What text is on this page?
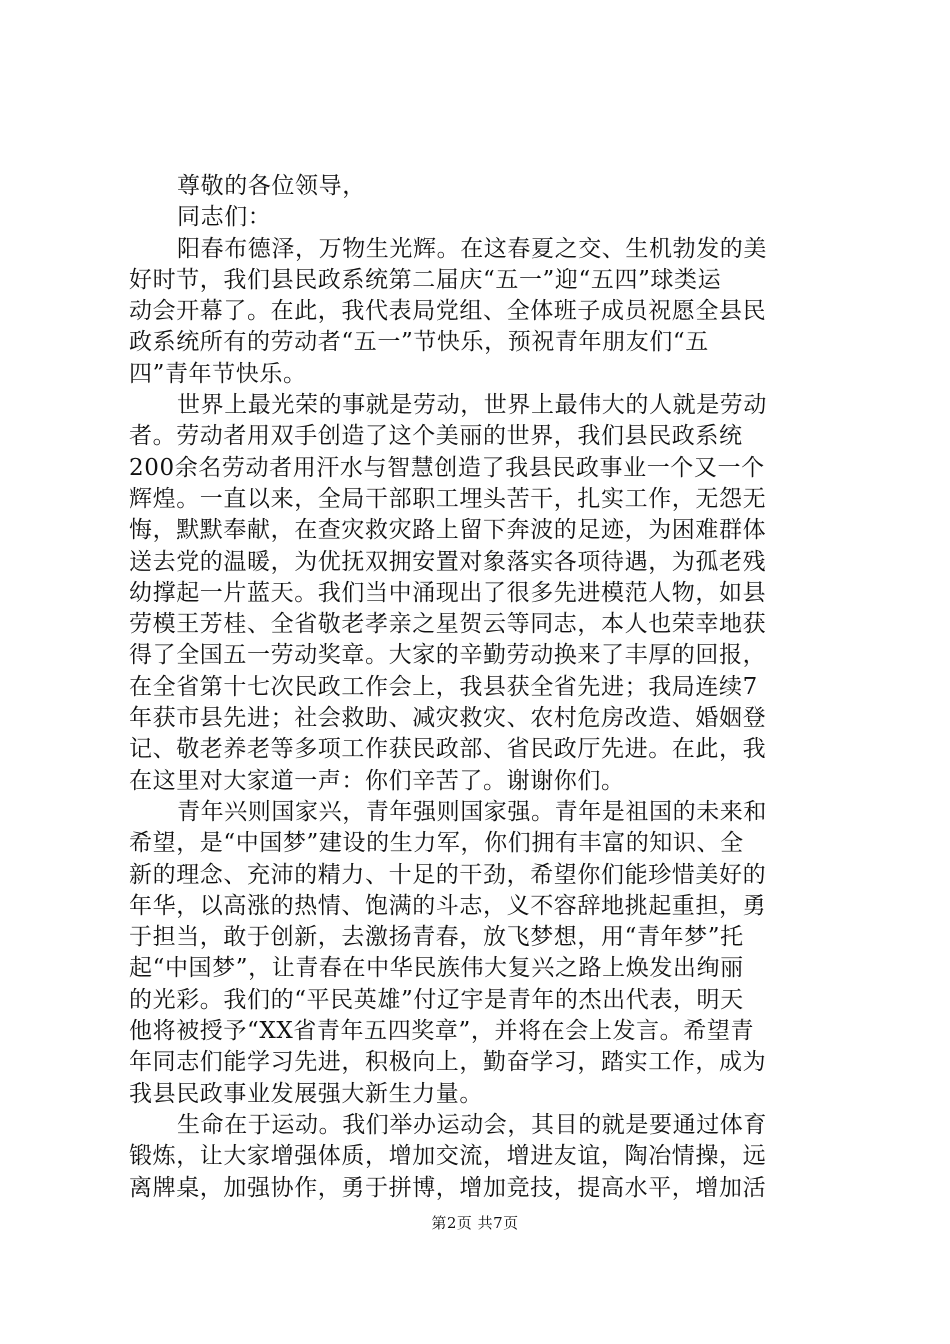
尊敬的各位领导，
同志们：
阳春布德泽，万物生光辉。在这春夏之交、生机勃发的美
好时节，我们县民政系统第二届庆“五一”迎“五四”球类运
动会开幕了。在此，我代表局党组、全体班子成员祝愿全县民
政系统所有的劳动者“五一”节快乐，预祝青年朋友们“五
四”青年节快乐。
世界上最光荣的事就是劳动，世界上最伟大的人就是劳动
者。劳动者用双手创造了这个美丽的世界，我们县民政系统
200余名劳动者用汗水与智慧创造了我县民政事业一个又一个
辉煌。一直以来，全局干部职工埋头苦干，扎实工作，无怨无
悔，默默奉献，在查灾救灾路上留下奔波的足迹，为困难群体
送去党的温暖，为优抚双拥安置对象落实各项待遇，为孤老残
幼撑起一片蓝天。我们当中涌现出了很多先进模范人物，如县
劳模王芳桂、全省敬老孝亲之星贺云等同志，本人也荣幸地获
得了全国五一劳动奖章。大家的辛勤劳动换来了丰厚的回报，
在全省第十七次民政工作会上，我县获全省先进；我局连续7
年获市县先进；社会救助、减灾救灾、农村危房改造、婚姻登
记、敬老养老等多项工作获民政部、省民政厅先进。在此，我
在这里对大家道一声：你们辛苦了。谢谢你们。
青年兴则国家兴，青年强则国家强。青年是祖国的未来和
希望，是“中国梦”建设的生力军，你们拥有丰富的知识、全
新的理念、充沛的精力、十足的干劲，希望你们能珍惜美好的
年华，以高涨的热情、饱满的斗志，义不容辞地挑起重担，勇
于担当，敢于创新，去激扬青春，放飞梦想，用“青年梦”托
起“中国梦”，让青春在中华民族伟大复兴之路上焕发出绚丽
的光彩。我们的“平民英雄”付辽宇是青年的杰出代表，明天
他将被授予“XX省青年五四奖章”，并将在会上发言。希望青
年同志们能学习先进，积极向上，勤奋学习，踏实工作，成为
我县民政事业发展强大新生力量。
生命在于运动。我们举办运动会，其目的就是要通过体育
锻炼，让大家增强体质，增加交流，增进友谊，陶冶情操，远
离牌桌，加强协作，勇于拼博，增加竞技，提高水平，增加活
第2页 共7页
